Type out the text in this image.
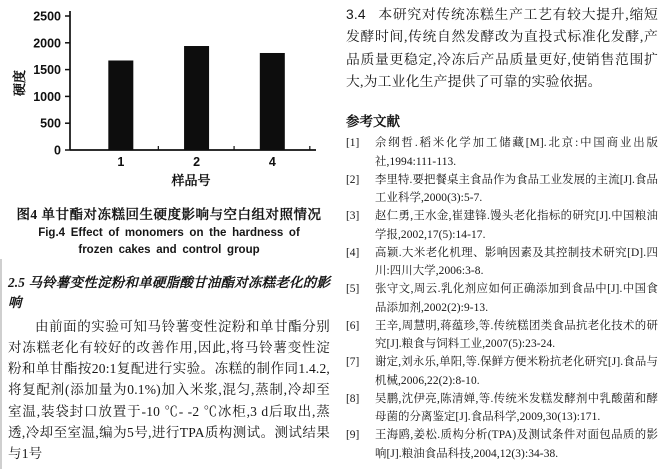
0
500
1000
1500
2000
2500
1	2	4
样品号
硬度
图4 单甘酯对冻糕回生硬度影响与空白组对照情况
Fig.4 Effect of monomers on the hardness of frozen cakes and control group
2.5 马铃薯变性淀粉和单硬脂酸甘油酯对冻糕老化的影响

由前面的实验可知马铃薯变性淀粉和单甘酯分别对冻糕老化有较好的改善作用,因此,将马铃薯变性淀粉和单甘酯按20:1复配进行实验。冻糕的制作同1.4.2,将复配剂(添加量为0.1%)加入米浆,混匀,蒸制,冷却至室温,装袋封口放置于-10 ℃- -2 ℃冰柜,3 d后取出,蒸透,冷却至室温,编为5号,进行TPA质构测试。测试结果与1号

3.4 本研究对传统冻糕生产工艺有较大提升,缩短发酵时间,传统自然发酵改为直投式标准化发酵,产品质量更稳定,冷冻后产品质量更好,使销售范围扩大,为工业化生产提供了可靠的实验依据。

参考文献
[1]	佘纲哲.稻米化学加工储藏[M].北京:中国商业出版社,1994:111-113.
[2]	李里特.要把餐桌主食品作为食品工业发展的主流[J].食品工业科学,2000(3):5-7.
[3]	赵仁勇,王水金,崔建锋.馒头老化指标的研究[J].中国粮油学报,2002,17(5):14-17.
[4]	高颖.大米老化机理、影响因素及其控制技术研究[D].四川:四川大学,2006:3-8.
[5]	张守文,周云.乳化剂应如何正确添加到食品中[J].中国食品添加剂,2002(2):9-13.
[6]	王辛,周慧明,蒋蕴珍,等.传统糕团类食品抗老化技术的研究[J].粮食与饲料工业,2007(5):23-24.
[7]	谢定,刘永乐,单阳,等.保鲜方便米粉抗老化研究[J].食品与机械,2006,22(2):8-10.
[8]	吴鹏,沈伊亮,陈清婵,等.传统米发糕发酵剂中乳酸菌和酵母菌的分离鉴定[J].食品科学,2009,30(13):171.
[9]	王海鸥,姜松.质构分析(TPA)及测试条件对面包品质的影响[J].粮油食品科技,2004,12(3):34-38.
